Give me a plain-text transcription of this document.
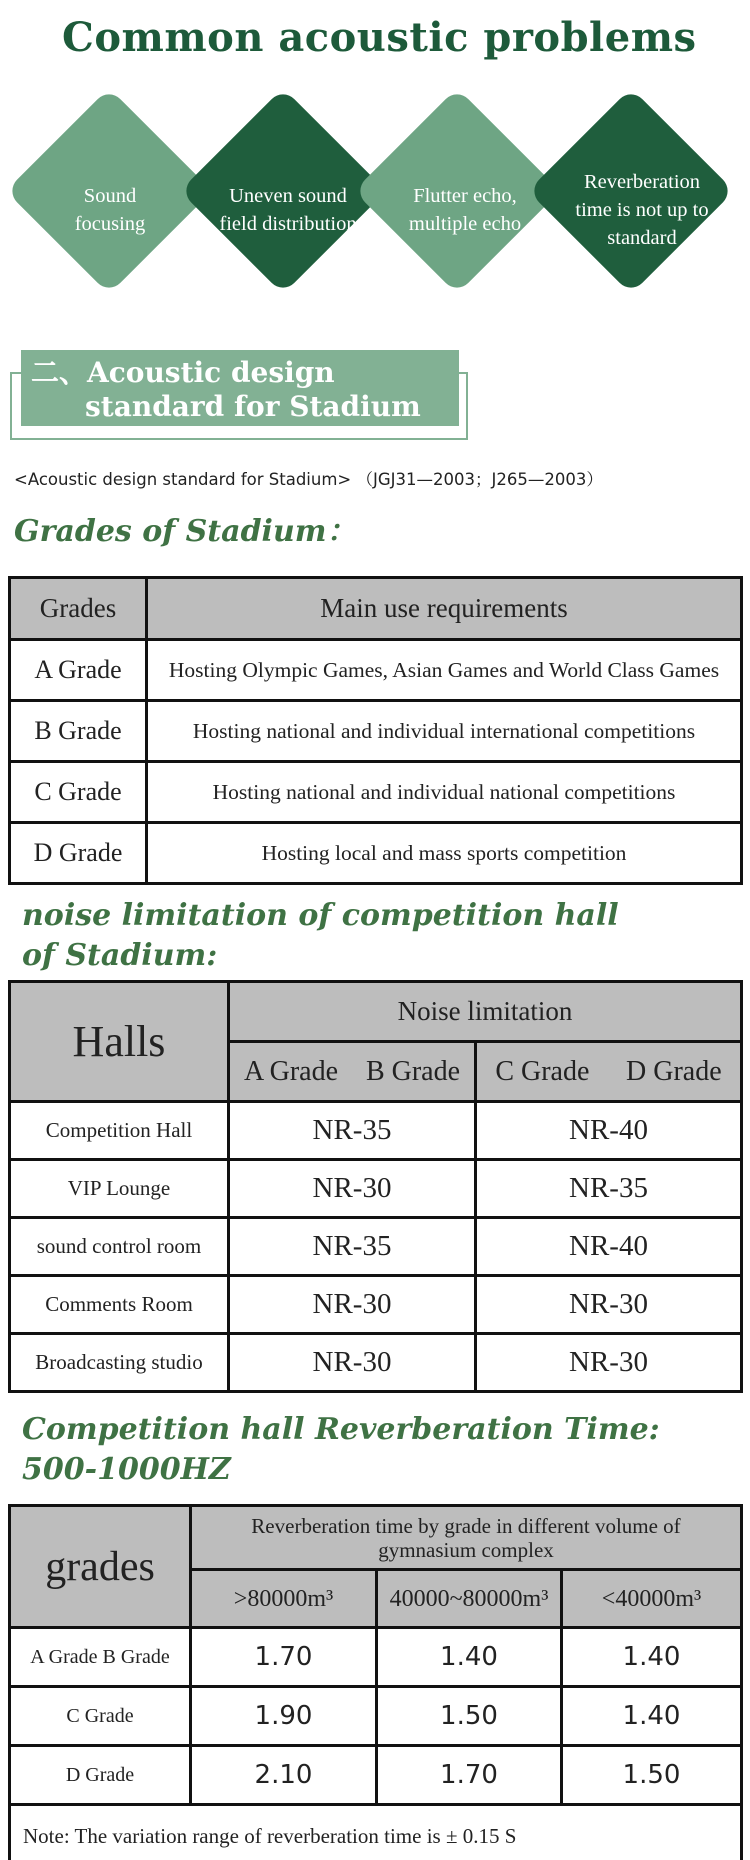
Common acoustic problems
Sound focusing
Uneven sound field distribution
Flutter echo, multiple echo
Reverberation time is not up to standard
二、 Acoustic design
standard for Stadium
<Acoustic design standard for Stadium> （JGJ31—2003；J265—2003）
Grades of Stadium：
Grades	Main use requirements
A Grade	Hosting Olympic Games, Asian Games and World Class Games
B Grade	Hosting national and individual international competitions
C Grade	Hosting national and individual national competitions
D Grade	Hosting local and mass sports competition
noise limitation of competition hall
of Stadium:
Halls	Noise limitation	

	A Grade B Grade	C Grade D Grade

Competition Hall	NR-35	NR-40
VIP Lounge	NR-30	NR-35
sound control room	NR-35	NR-40
Comments Room	NR-30	NR-30
Broadcasting studio	NR-30	NR-30
Competition hall Reverberation Time:
500-1000HZ
grades	Reverberation time by grade in different volume of gymnasium complex		
	>80000m³	40000~80000m³	<40000m³
A Grade B Grade	1.70	1.40	1.40
C Grade	1.90	1.50	1.40
D Grade	2.10	1.70	1.50
Note: The variation range of reverberation time is ± 0.15 S			
